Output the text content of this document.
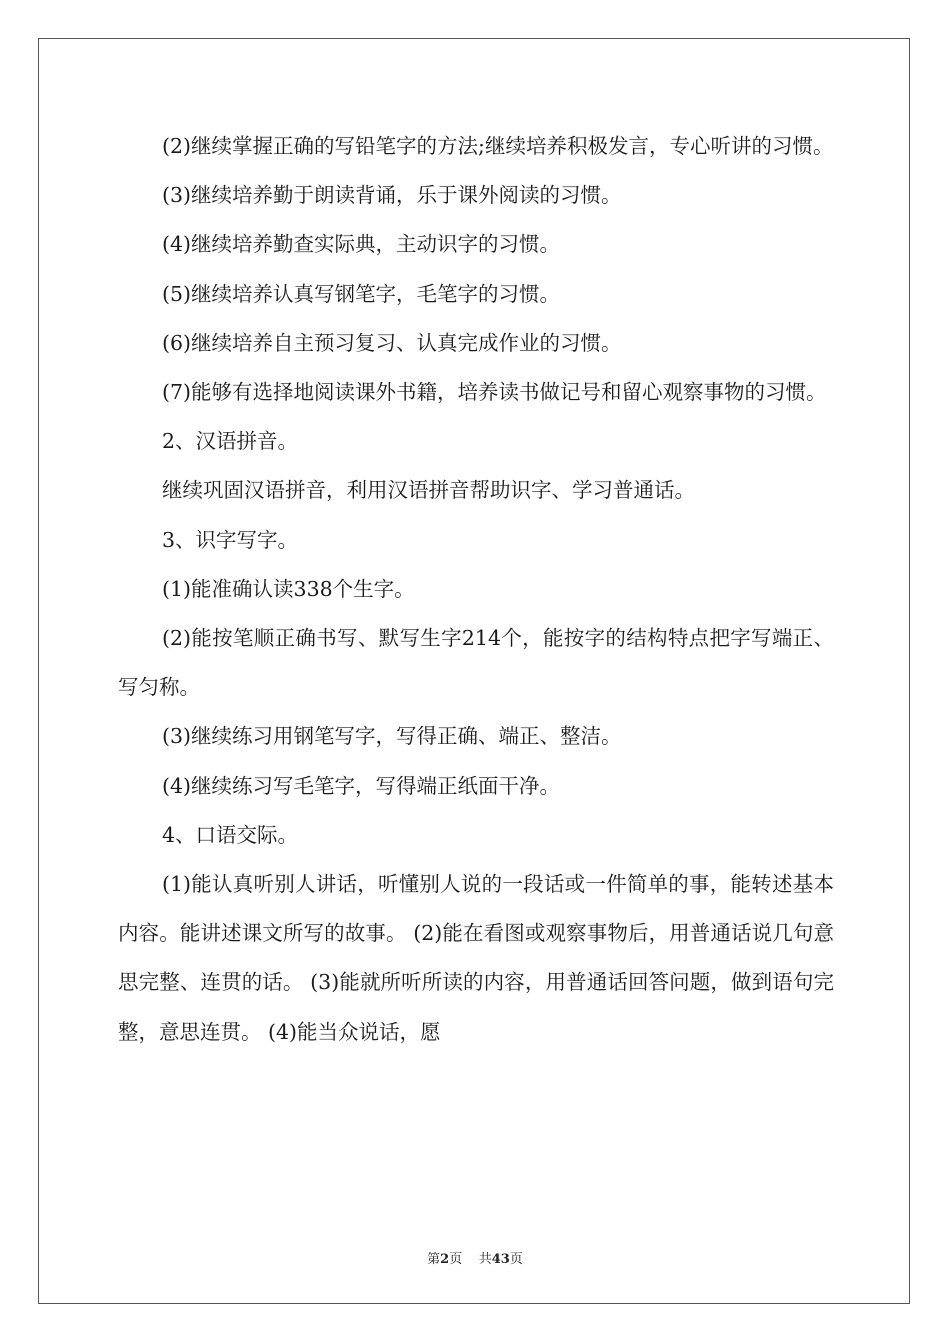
(2)继续掌握正确的写铅笔字的方法;继续培养积极发言，专心听讲的习惯。

(3)继续培养勤于朗读背诵，乐于课外阅读的习惯。

(4)继续培养勤查实际典，主动识字的习惯。

(5)继续培养认真写钢笔字，毛笔字的习惯。

(6)继续培养自主预习复习、认真完成作业的习惯。

(7)能够有选择地阅读课外书籍，培养读书做记号和留心观察事物的习惯。

2、汉语拼音。

继续巩固汉语拼音，利用汉语拼音帮助识字、学习普通话。

3、识字写字。

(1)能准确认读338个生字。

(2)能按笔顺正确书写、默写生字214个，能按字的结构特点把字写端正、写匀称。

(3)继续练习用钢笔写字，写得正确、端正、整洁。

(4)继续练习写毛笔字，写得端正纸面干净。

4、口语交际。

(1)能认真听别人讲话，听懂别人说的一段话或一件简单的事，能转述基本内容。能讲述课文所写的故事。 (2)能在看图或观察事物后，用普通话说几句意思完整、连贯的话。 (3)能就所听所读的内容，用普通话回答问题，做到语句完整，意思连贯。 (4)能当众说话，愿

第2页 共43页
